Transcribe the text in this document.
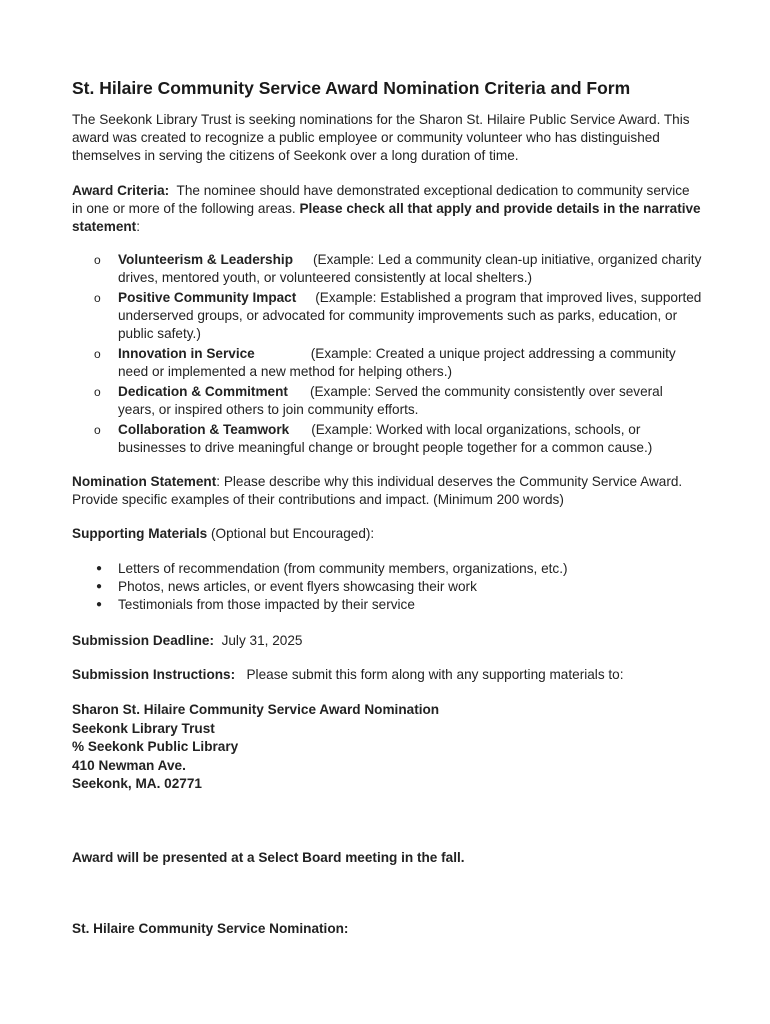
St. Hilaire Community Service Award Nomination Criteria and Form

The Seekonk Library Trust is seeking nominations for the Sharon St. Hilaire Public Service Award. This award was created to recognize a public employee or community volunteer who has distinguished themselves in serving the citizens of Seekonk over a long duration of time.

Award Criteria: The nominee should have demonstrated exceptional dedication to community service in one or more of the following areas. Please check all that apply and provide details in the narrative statement:

o	Volunteerism & Leadership (Example: Led a community clean-up initiative, organized charity drives, mentored youth, or volunteered consistently at local shelters.)
o	Positive Community Impact (Example: Established a program that improved lives, supported underserved groups, or advocated for community improvements such as parks, education, or public safety.)
o	Innovation in Service	(Example: Created a unique project addressing a community need or implemented a new method for helping others.)
o	Dedication & Commitment (Example: Served the community consistently over several years, or inspired others to join community efforts.
o	Collaboration & Teamwork (Example: Worked with local organizations, schools, or businesses to drive meaningful change or brought people together for a common cause.)

Nomination Statement: Please describe why this individual deserves the Community Service Award. Provide specific examples of their contributions and impact. (Minimum 200 words)

Supporting Materials (Optional but Encouraged):

● Letters of recommendation (from community members, organizations, etc.)
● Photos, news articles, or event flyers showcasing their work
● Testimonials from those impacted by their service

Submission Deadline: July 31, 2025

Submission Instructions: Please submit this form along with any supporting materials to:

Sharon St. Hilaire Community Service Award Nomination
Seekonk Library Trust
% Seekonk Public Library
410 Newman Ave.
Seekonk, MA. 02771

Award will be presented at a Select Board meeting in the fall.

St. Hilaire Community Service Nomination:
